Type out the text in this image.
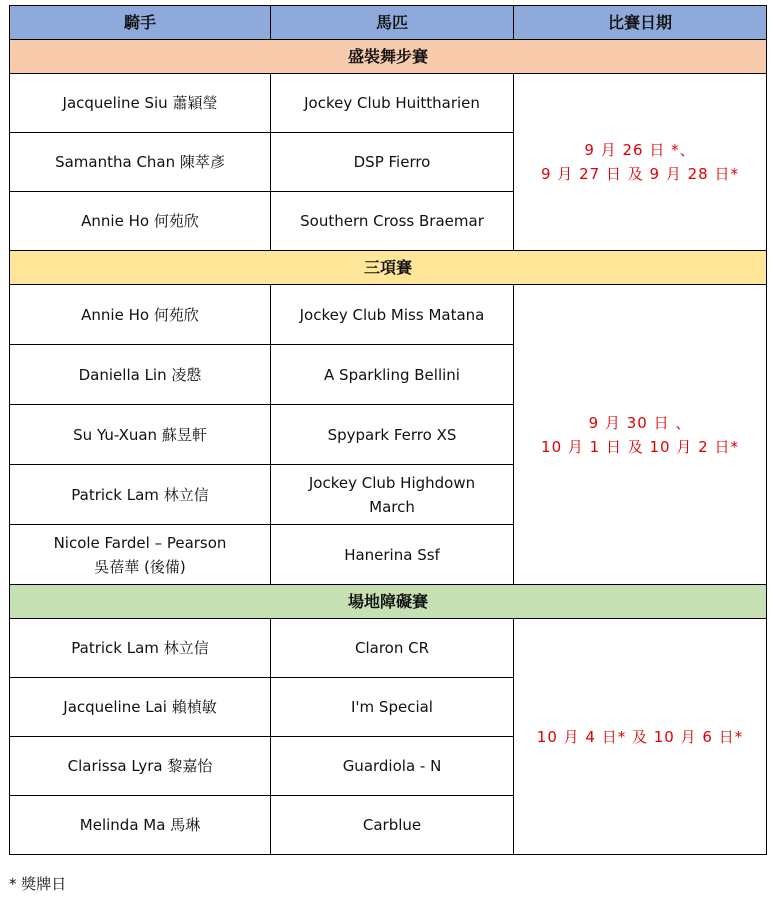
騎手	馬匹	比賽日期
盛裝舞步賽		
Jacqueline Siu 蕭穎瑩	Jockey Club Huittharien	9 月 26 日 *、
9 月 27 日 及 9 月 28 日*

Samantha Chan 陳萃彥	DSP Fierro	
Annie Ho 何苑欣	Southern Cross Braemar	
三項賽		
Annie Ho 何苑欣	Jockey Club Miss Matana	9 月 30 日 、
10 月 1 日 及 10 月 2 日*

Daniella Lin 凌慇	A Sparkling Bellini	
Su Yu-Xuan 蘇昱軒	Spypark Ferro XS	
Patrick Lam 林立信	Jockey Club Highdown March	
Nicole Fardel – Pearson 吳蓓華 (後備)	Hanerina Ssf	
場地障礙賽		
Patrick Lam 林立信	Claron CR	10 月 4 日* 及 10 月 6 日*

Jacqueline Lai 賴楨敏	I'm Special	
Clarissa Lyra 黎嘉怡	Guardiola - N	
Melinda Ma 馬琳	Carblue	
* 獎牌日
